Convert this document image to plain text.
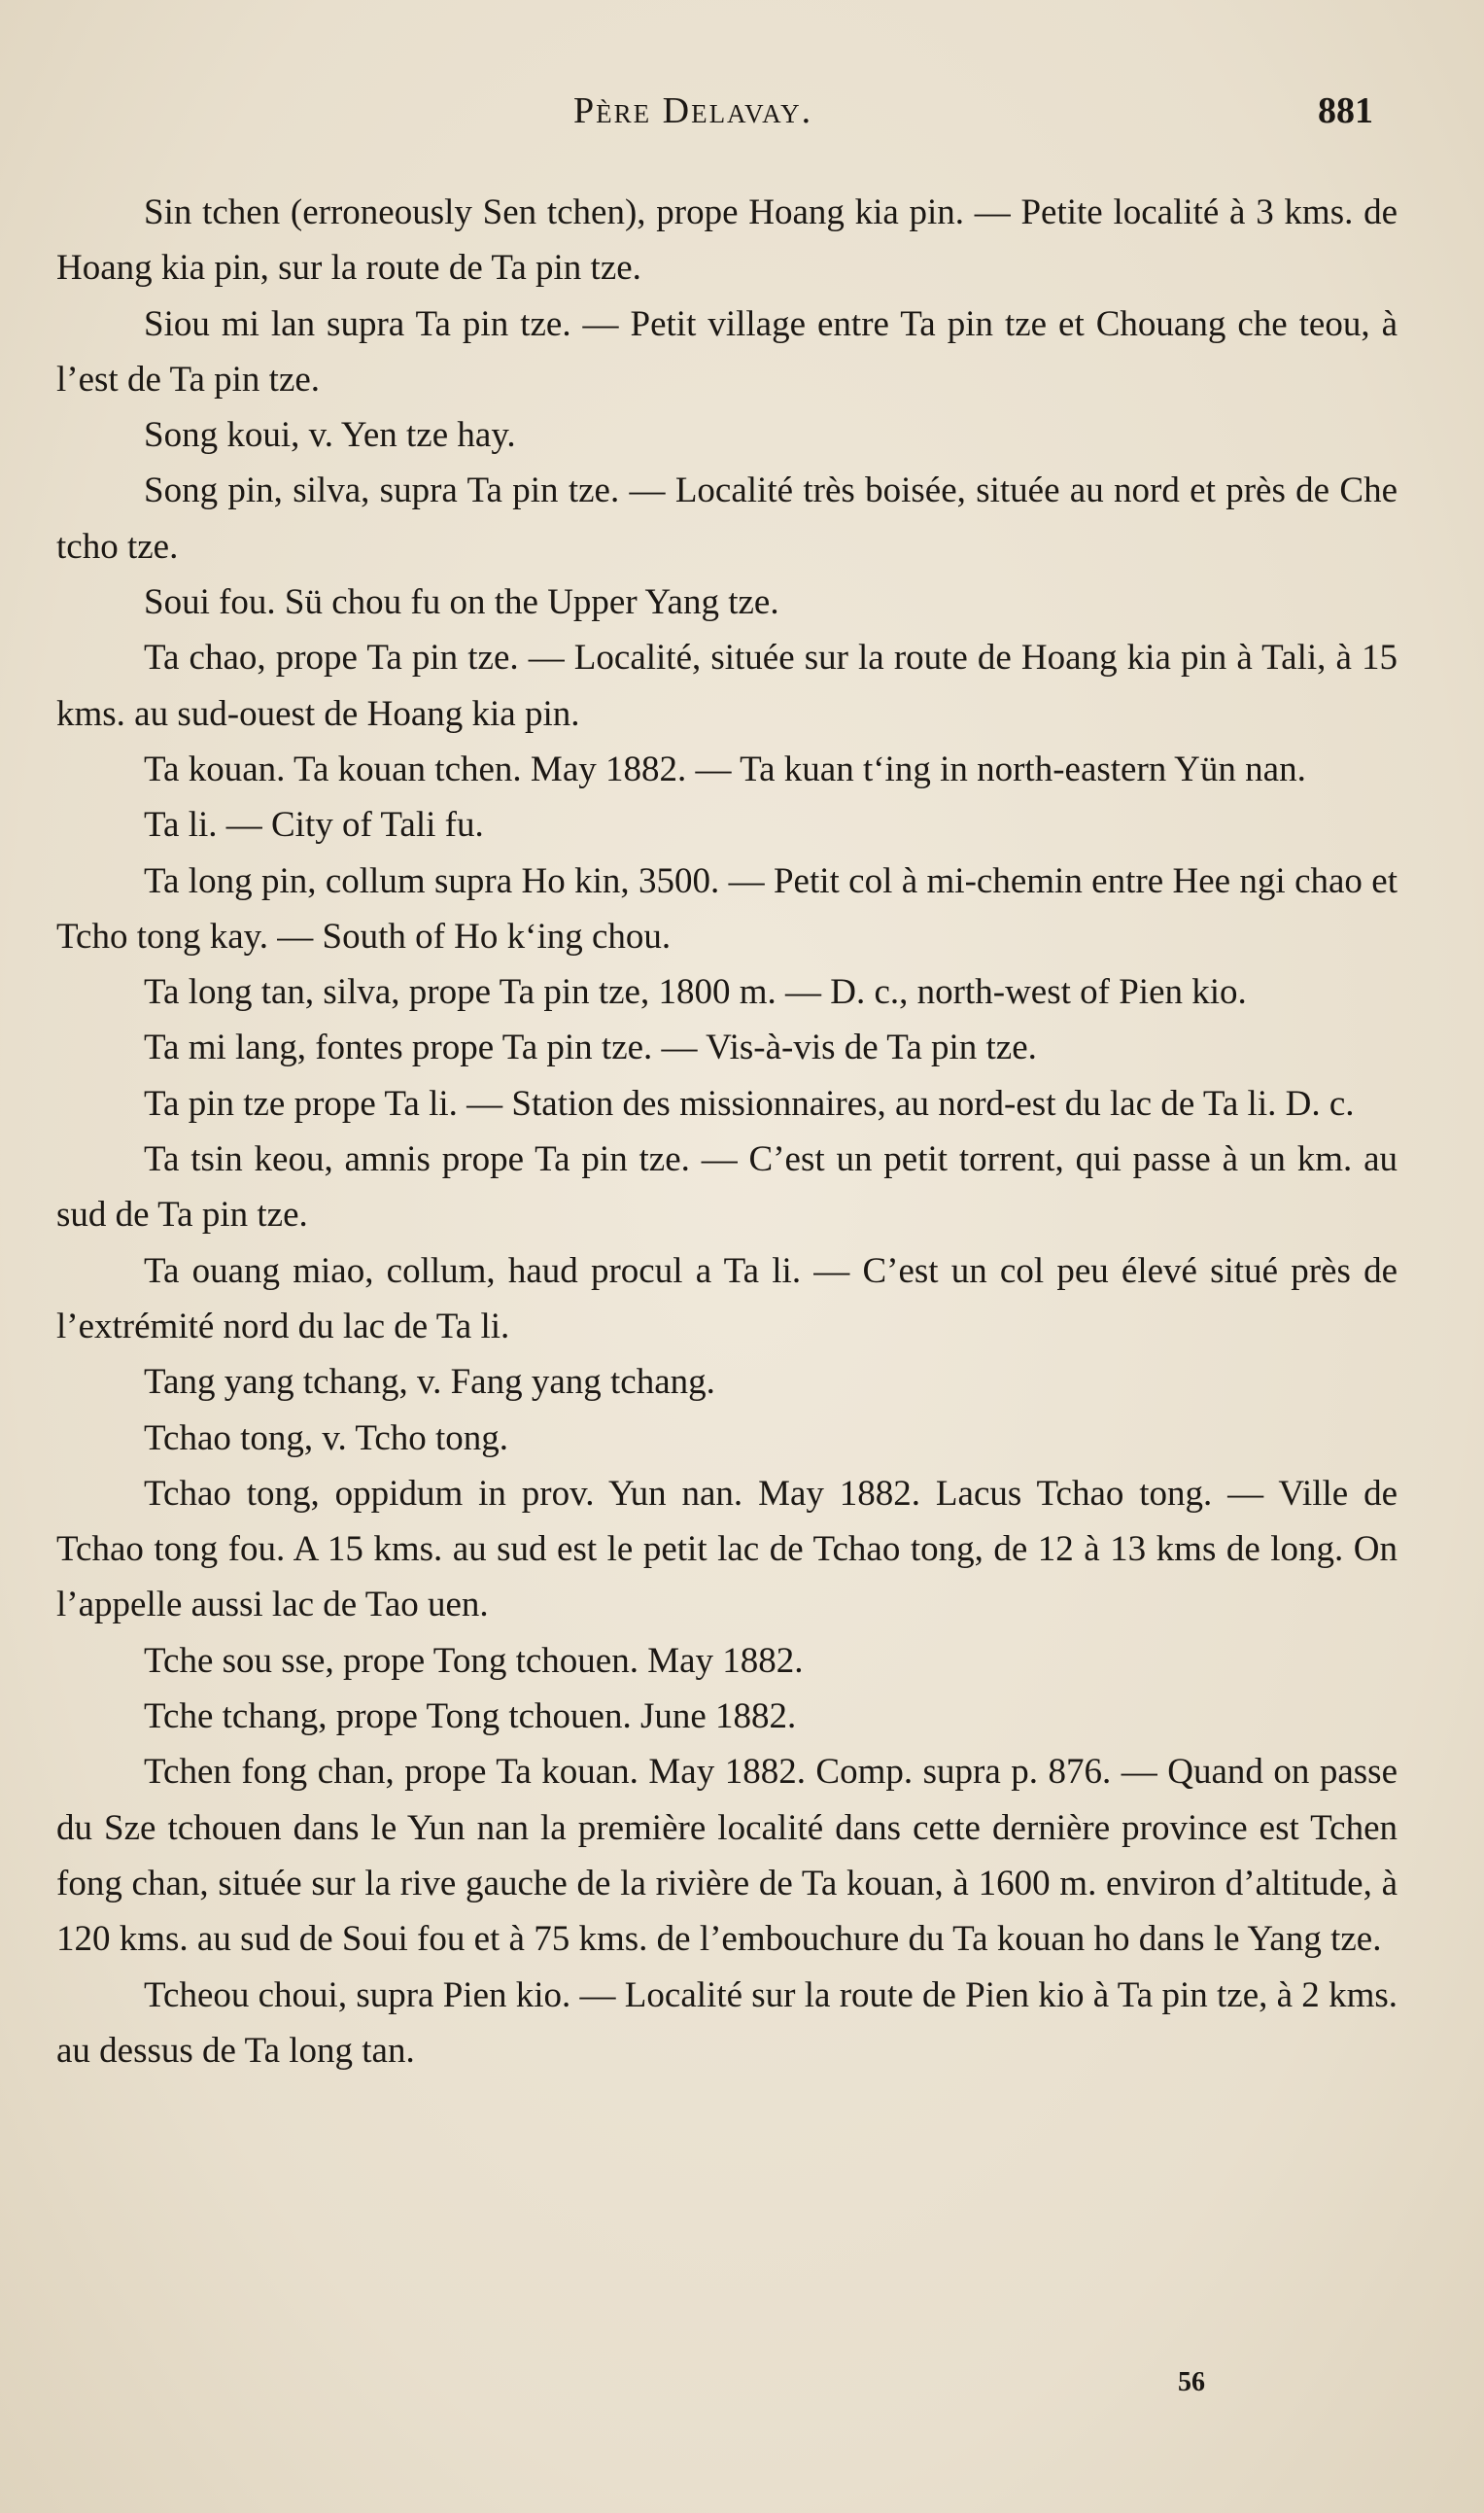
Père Delavay.	881

Sin tchen (erroneously Sen tchen), prope Hoang kia pin. — Petite localité à 3 kms. de Hoang kia pin, sur la route de Ta pin tze.

Siou mi lan supra Ta pin tze. — Petit village entre Ta pin tze et Chouang che teou, à l’est de Ta pin tze.

Song koui, v. Yen tze hay.

Song pin, silva, supra Ta pin tze. — Localité très boisée, située au nord et près de Che tcho tze.

Soui fou. Sü chou fu on the Upper Yang tze.

Ta chao, prope Ta pin tze. — Localité, située sur la route de Hoang kia pin à Tali, à 15 kms. au sud-ouest de Hoang kia pin.

Ta kouan. Ta kouan tchen. May 1882. — Ta kuan t‘ing in north-eastern Yün nan.

Ta li. — City of Tali fu.

Ta long pin, collum supra Ho kin, 3500. — Petit col à mi-chemin entre Hee ngi chao et Tcho tong kay. — South of Ho k‘ing chou.

Ta long tan, silva, prope Ta pin tze, 1800 m. — D. c., north-west of Pien kio.

Ta mi lang, fontes prope Ta pin tze. — Vis-à-vis de Ta pin tze.

Ta pin tze prope Ta li. — Station des missionnaires, au nord-est du lac de Ta li. D. c.

Ta tsin keou, amnis prope Ta pin tze. — C’est un petit torrent, qui passe à un km. au sud de Ta pin tze.

Ta ouang miao, collum, haud procul a Ta li. — C’est un col peu élevé situé près de l’extrémité nord du lac de Ta li.

Tang yang tchang, v. Fang yang tchang.

Tchao tong, v. Tcho tong.

Tchao tong, oppidum in prov. Yun nan. May 1882. Lacus Tchao tong. — Ville de Tchao tong fou. A 15 kms. au sud est le petit lac de Tchao tong, de 12 à 13 kms de long. On l’appelle aussi lac de Tao uen.

Tche sou sse, prope Tong tchouen. May 1882.

Tche tchang, prope Tong tchouen. June 1882.

Tchen fong chan, prope Ta kouan. May 1882. Comp. supra p. 876. — Quand on passe du Sze tchouen dans le Yun nan la première localité dans cette dernière province est Tchen fong chan, située sur la rive gauche de la rivière de Ta kouan, à 1600 m. environ d’altitude, à 120 kms. au sud de Soui fou et à 75 kms. de l’embouchure du Ta kouan ho dans le Yang tze.

Tcheou choui, supra Pien kio. — Localité sur la route de Pien kio à Ta pin tze, à 2 kms. au dessus de Ta long tan.

56
